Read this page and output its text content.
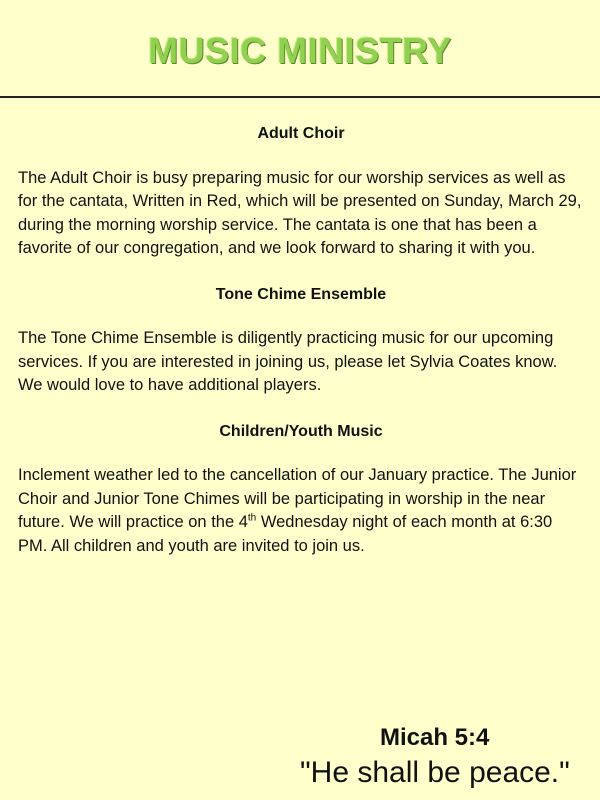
MUSIC MINISTRY
Adult Choir

The Adult Choir is busy preparing music for our worship services as well as for the cantata, Written in Red, which will be presented on Sunday, March 29, during the morning worship service. The cantata is one that has been a favorite of our congregation, and we look forward to sharing it with you.

Tone Chime Ensemble

The Tone Chime Ensemble is diligently practicing music for our upcoming services. If you are interested in joining us, please let Sylvia Coates know. We would love to have additional players.

Children/Youth Music

Inclement weather led to the cancellation of our January practice. The Junior Choir and Junior Tone Chimes will be participating in worship in the near future. We will practice on the 4th Wednesday night of each month at 6:30 PM. All children and youth are invited to join us.

Micah 5:4
"He shall be peace."
